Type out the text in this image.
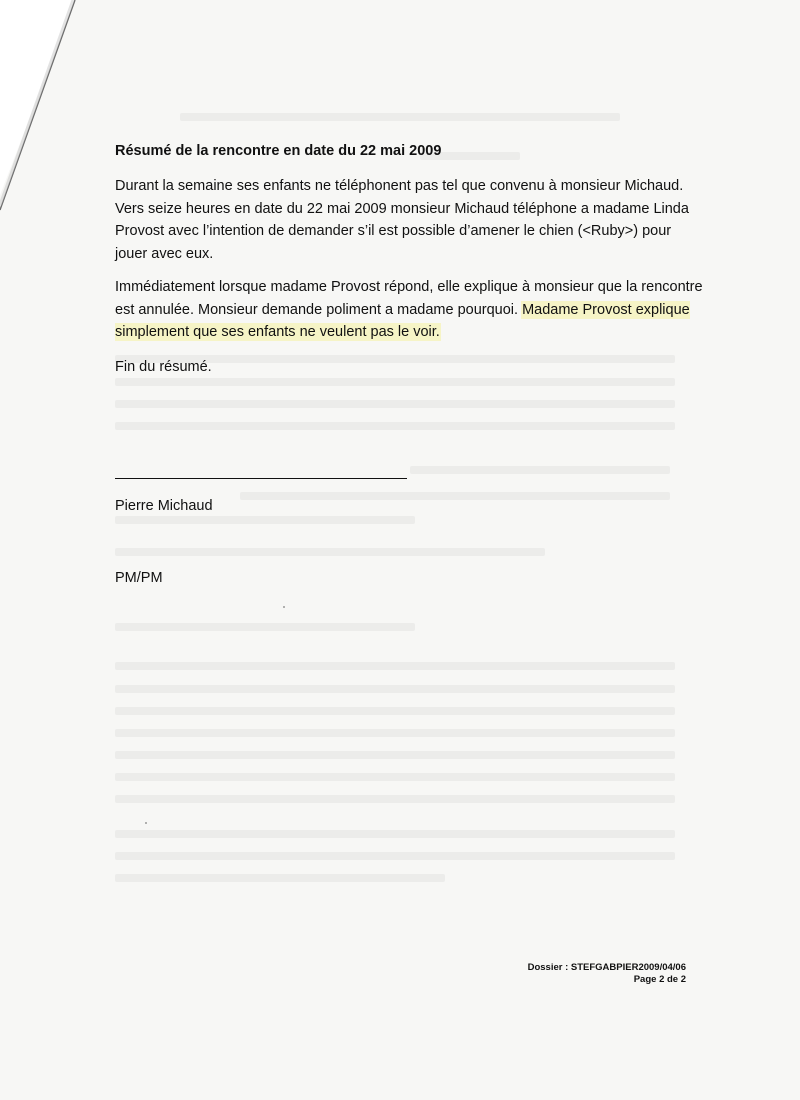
Résumé de la rencontre en date du 22 mai 2009
Durant la semaine ses enfants ne téléphonent pas tel que convenu à monsieur Michaud. Vers seize heures en date du 22 mai 2009 monsieur Michaud téléphone a madame Linda Provost avec l’intention de demander s’il est possible d’amener le chien (<Ruby>) pour jouer avec eux.
Immédiatement lorsque madame Provost répond, elle explique à monsieur que la rencontre est annulée. Monsieur demande poliment a madame pourquoi. Madame Provost explique simplement que ses enfants ne veulent pas le voir.
Fin du résumé.
Pierre Michaud
PM/PM
Dossier : STEFGABPIER2009/04/06
Page 2 de 2
